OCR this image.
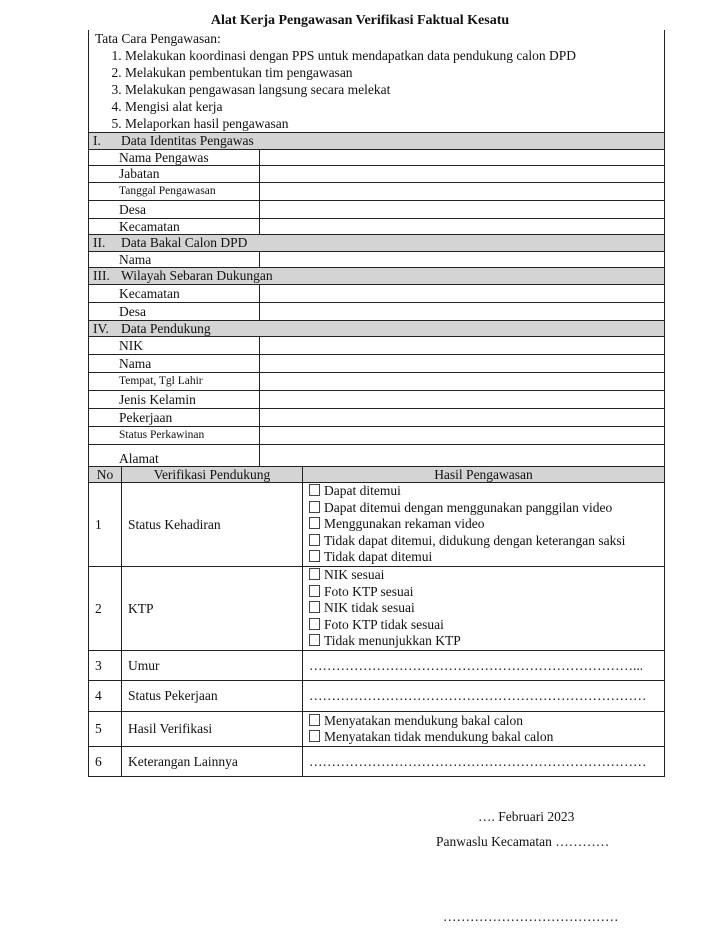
Alat Kerja Pengawasan Verifikasi Faktual Kesatu
Tata Cara Pengawasan:
1. Melakukan koordinasi dengan PPS untuk mendapatkan data pendukung calon DPD
2. Melakukan pembentukan tim pengawasan
3. Melakukan pengawasan langsung secara melekat
4. Mengisi alat kerja
5. Melaporkan hasil pengawasan
I.	Data Identitas Pengawas
Nama Pengawas
Jabatan
Tanggal Pengawasan
Desa
Kecamatan
II.	Data Bakal Calon DPD
Nama
III. Wilayah Sebaran Dukungan
Kecamatan
Desa
IV. Data Pendukung
NIK
Nama
Tempat, Tgl Lahir
Jenis Kelamin
Pekerjaan
Status Perkawinan
Alamat
No	Verifikasi Pendukung	Hasil Pengawasan
1	Status Kehadiran	Dapat ditemui
Dapat ditemui dengan menggunakan panggilan video
Menggunakan rekaman video
Tidak dapat ditemui, didukung dengan keterangan saksi
Tidak dapat ditemui

2	KTP	NIK sesuai
Foto KTP sesuai
NIK tidak sesuai
Foto KTP tidak sesuai
Tidak menunjukkan KTP

3	Umur	………………………………………………………………...
4	Status Pekerjaan	…………………………………………………………………
5	Hasil Verifikasi	Menyatakan mendukung bakal calon
Menyatakan tidak mendukung bakal calon

6	Keterangan Lainnya	…………………………………………………………………
…. Februari 2023
Panwaslu Kecamatan …………
…………………………………
